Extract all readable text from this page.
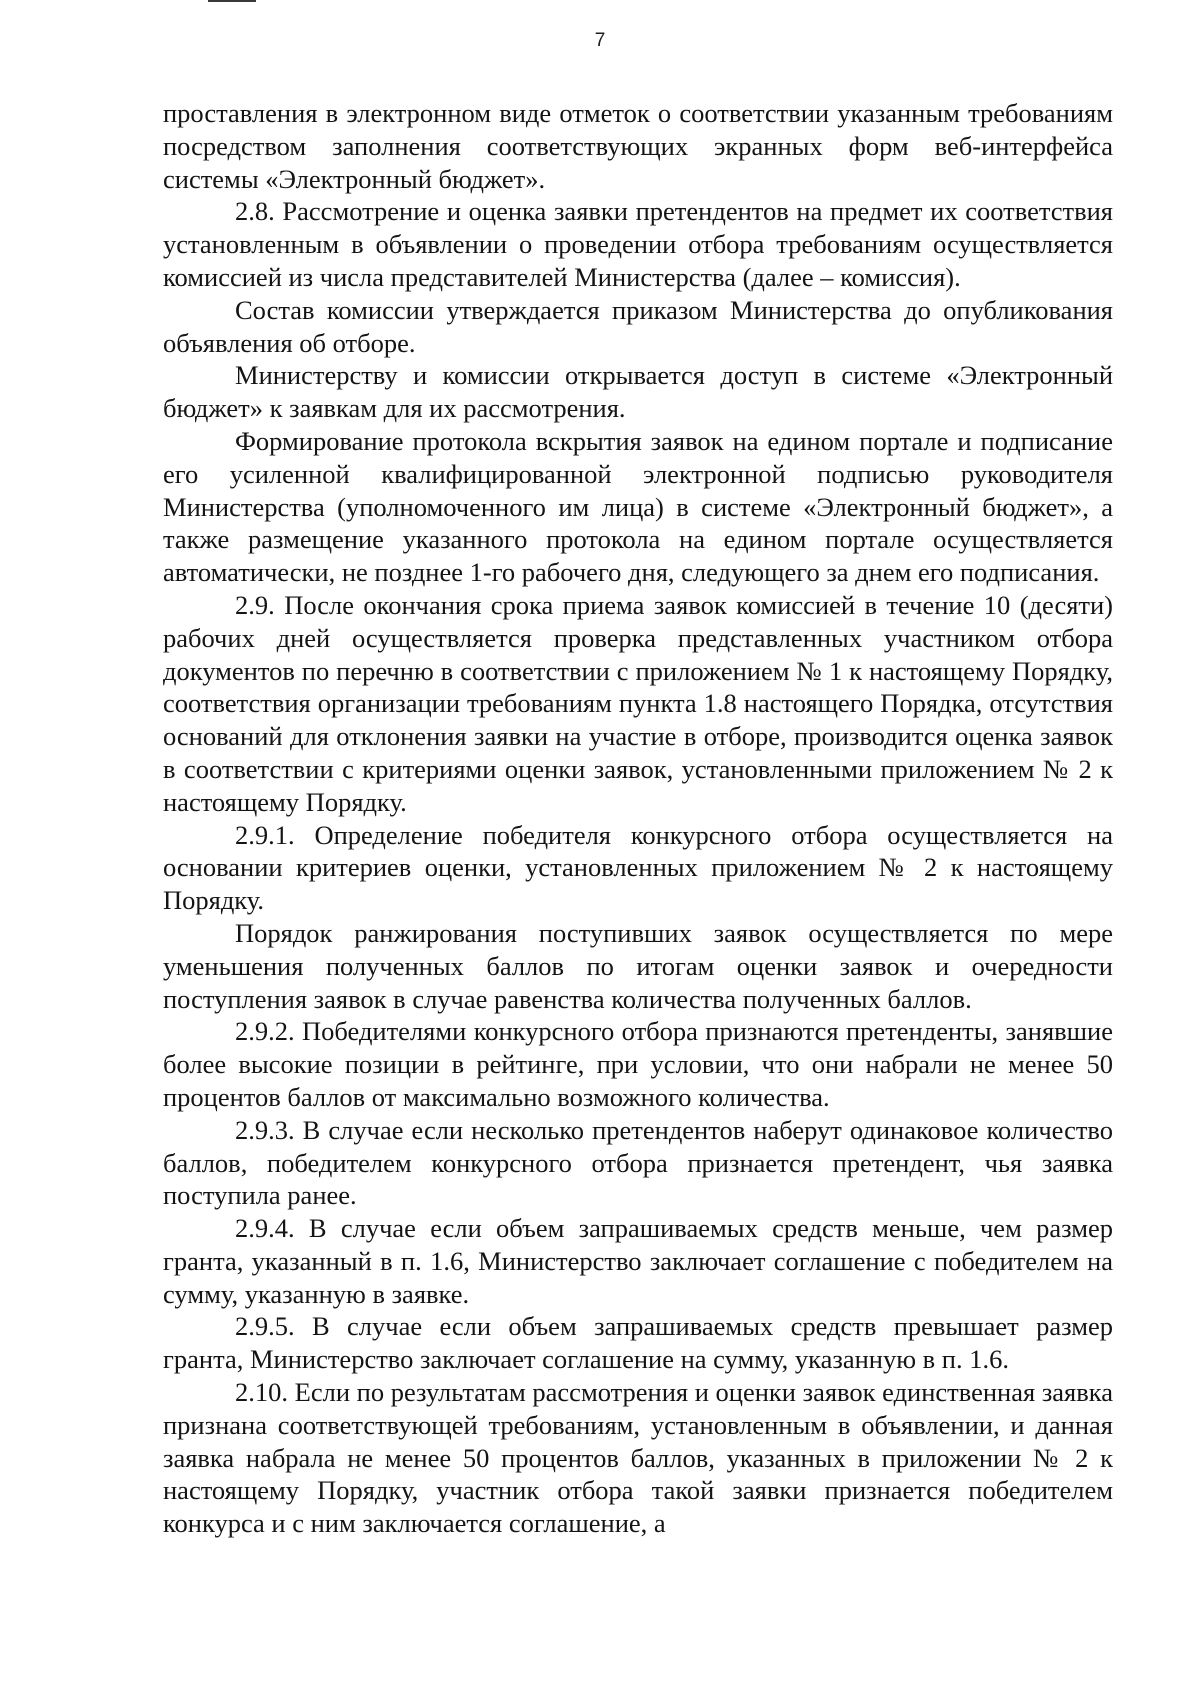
7

проставления в электронном виде отметок о соответствии указанным требованиям посредством заполнения соответствующих экранных форм веб-интерфейса системы «Электронный бюджет».

2.8. Рассмотрение и оценка заявки претендентов на предмет их соответствия установленным в объявлении о проведении отбора требованиям осуществляется комиссией из числа представителей Министерства (далее – комиссия).

Состав комиссии утверждается приказом Министерства до опубликования объявления об отборе.

Министерству и комиссии открывается доступ в системе «Электронный бюджет» к заявкам для их рассмотрения.

Формирование протокола вскрытия заявок на едином портале и подписание его усиленной квалифицированной электронной подписью руководителя Министерства (уполномоченного им лица) в системе «Электронный бюджет», а также размещение указанного протокола на едином портале осуществляется автоматически, не позднее 1-го рабочего дня, следующего за днем его подписания.

2.9. После окончания срока приема заявок комиссией в течение 10 (десяти) рабочих дней осуществляется проверка представленных участником отбора документов по перечню в соответствии с приложением № 1 к настоящему Порядку, соответствия организации требованиям пункта 1.8 настоящего Порядка, отсутствия оснований для отклонения заявки на участие в отборе, производится оценка заявок в соответствии с критериями оценки заявок, установленными приложением № 2 к настоящему Порядку.

2.9.1. Определение победителя конкурсного отбора осуществляется на основании критериев оценки, установленных приложением № 2 к настоящему Порядку.

Порядок ранжирования поступивших заявок осуществляется по мере уменьшения полученных баллов по итогам оценки заявок и очередности поступления заявок в случае равенства количества полученных баллов.

2.9.2. Победителями конкурсного отбора признаются претенденты, занявшие более высокие позиции в рейтинге, при условии, что они набрали не менее 50 процентов баллов от максимально возможного количества.

2.9.3. В случае если несколько претендентов наберут одинаковое количество баллов, победителем конкурсного отбора признается претендент, чья заявка поступила ранее.

2.9.4. В случае если объем запрашиваемых средств меньше, чем размер гранта, указанный в п. 1.6, Министерство заключает соглашение с победителем на сумму, указанную в заявке.

2.9.5. В случае если объем запрашиваемых средств превышает размер гранта, Министерство заключает соглашение на сумму, указанную в п. 1.6.

2.10. Если по результатам рассмотрения и оценки заявок единственная заявка признана соответствующей требованиям, установленным в объявлении, и данная заявка набрала не менее 50 процентов баллов, указанных в приложении № 2 к настоящему Порядку, участник отбора такой заявки признается победителем конкурса и с ним заключается соглашение, а
